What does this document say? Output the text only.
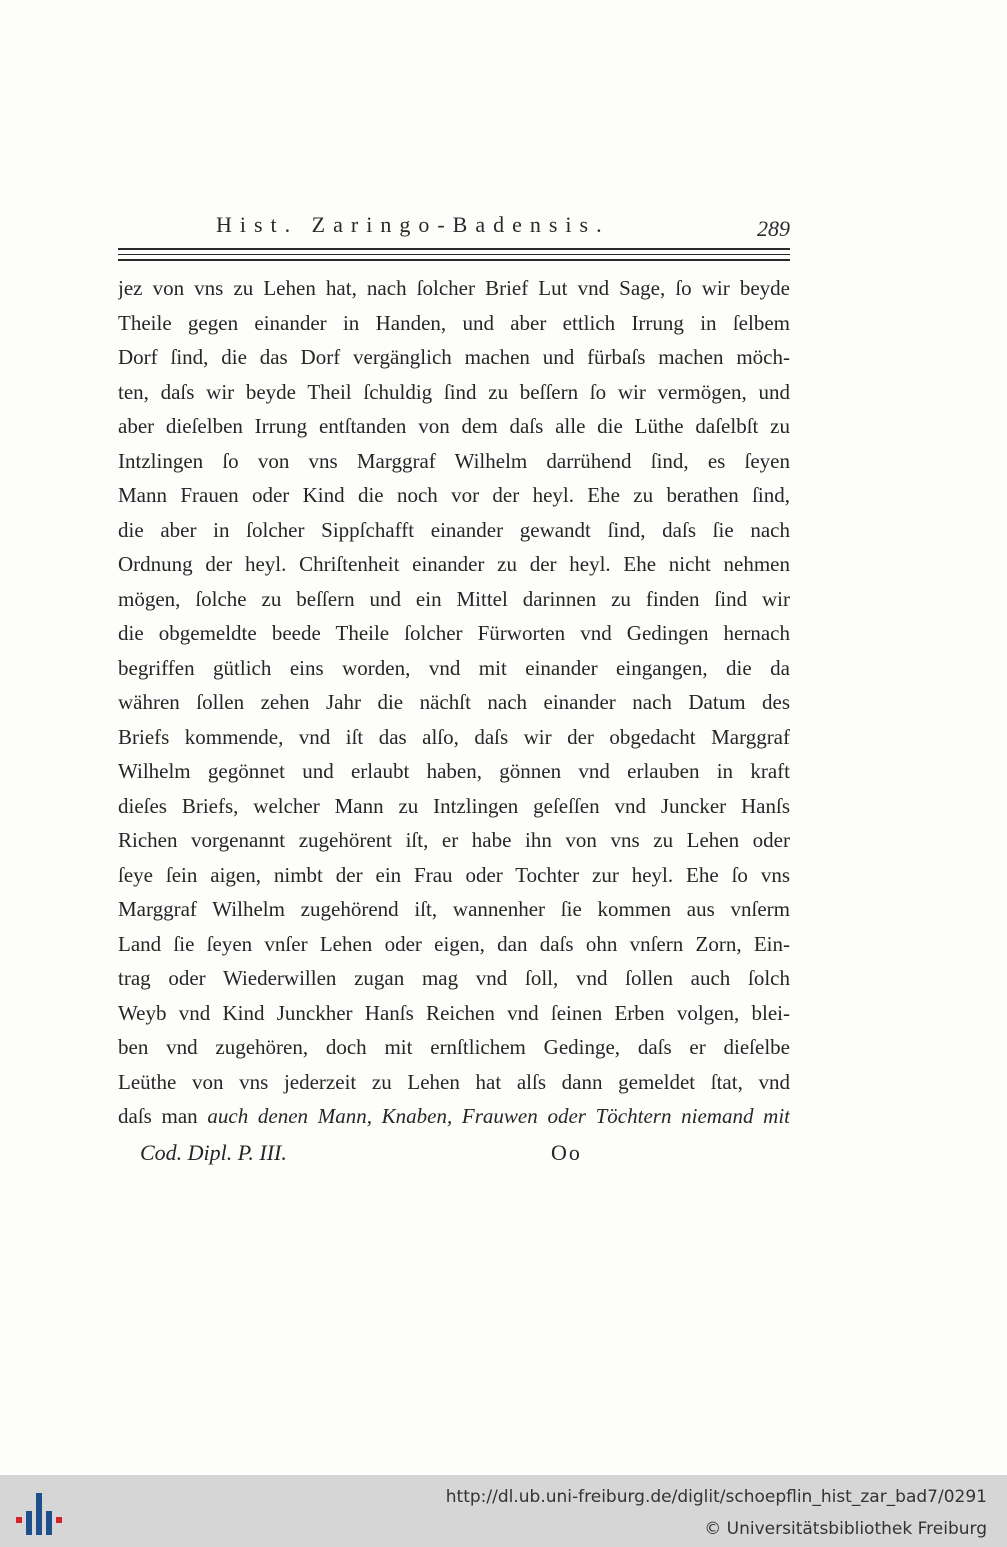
Hist. Zaringo-Badensis.	289
jez von vns zu Lehen hat, nach ſolcher Brief Lut vnd Sage, ſo wir beyde
Theile gegen einander in Handen, und aber ettlich Irrung in ſelbem
Dorf ſind, die das Dorf vergänglich machen und fürbaſs machen möch-
ten, daſs wir beyde Theil ſchuldig ſind zu beſſern ſo wir vermögen, und
aber dieſelben Irrung entſtanden von dem daſs alle die Lüthe daſelbſt zu
Intzlingen ſo von vns Marggraf Wilhelm darrühend ſind, es ſeyen
Mann Frauen oder Kind die noch vor der heyl. Ehe zu berathen ſind,
die aber in ſolcher Sippſchafft einander gewandt ſind, daſs ſie nach
Ordnung der heyl. Chriſtenheit einander zu der heyl. Ehe nicht nehmen
mögen, ſolche zu beſſern und ein Mittel darinnen zu finden ſind wir
die obgemeldte beede Theile ſolcher Fürworten vnd Gedingen hernach
begriffen gütlich eins worden, vnd mit einander eingangen, die da
währen ſollen zehen Jahr die nächſt nach einander nach Datum des
Briefs kommende, vnd iſt das alſo, daſs wir der obgedacht Marggraf
Wilhelm gegönnet und erlaubt haben, gönnen vnd erlauben in kraft
dieſes Briefs, welcher Mann zu Intzlingen geſeſſen vnd Juncker Hanſs
Richen vorgenannt zugehörent iſt, er habe ihn von vns zu Lehen oder
ſeye ſein aigen, nimbt der ein Frau oder Tochter zur heyl. Ehe ſo vns
Marggraf Wilhelm zugehörend iſt, wannenher ſie kommen aus vnſerm
Land ſie ſeyen vnſer Lehen oder eigen, dan daſs ohn vnſern Zorn, Ein-
trag oder Wiederwillen zugan mag vnd ſoll, vnd ſollen auch ſolch
Weyb vnd Kind Junckher Hanſs Reichen vnd ſeinen Erben volgen, blei-
ben vnd zugehören, doch mit ernſtlichem Gedinge, daſs er dieſelbe
Leüthe von vns jederzeit zu Lehen hat alſs dann gemeldet ſtat, vnd
daſs man auch denen Mann, Knaben, Frauwen oder Töchtern niemand mit
Cod. Dipl. P. III.	Oo
http://dl.ub.uni-freiburg.de/diglit/schoepflin_hist_zar_bad7/0291
© Universitätsbibliothek Freiburg
